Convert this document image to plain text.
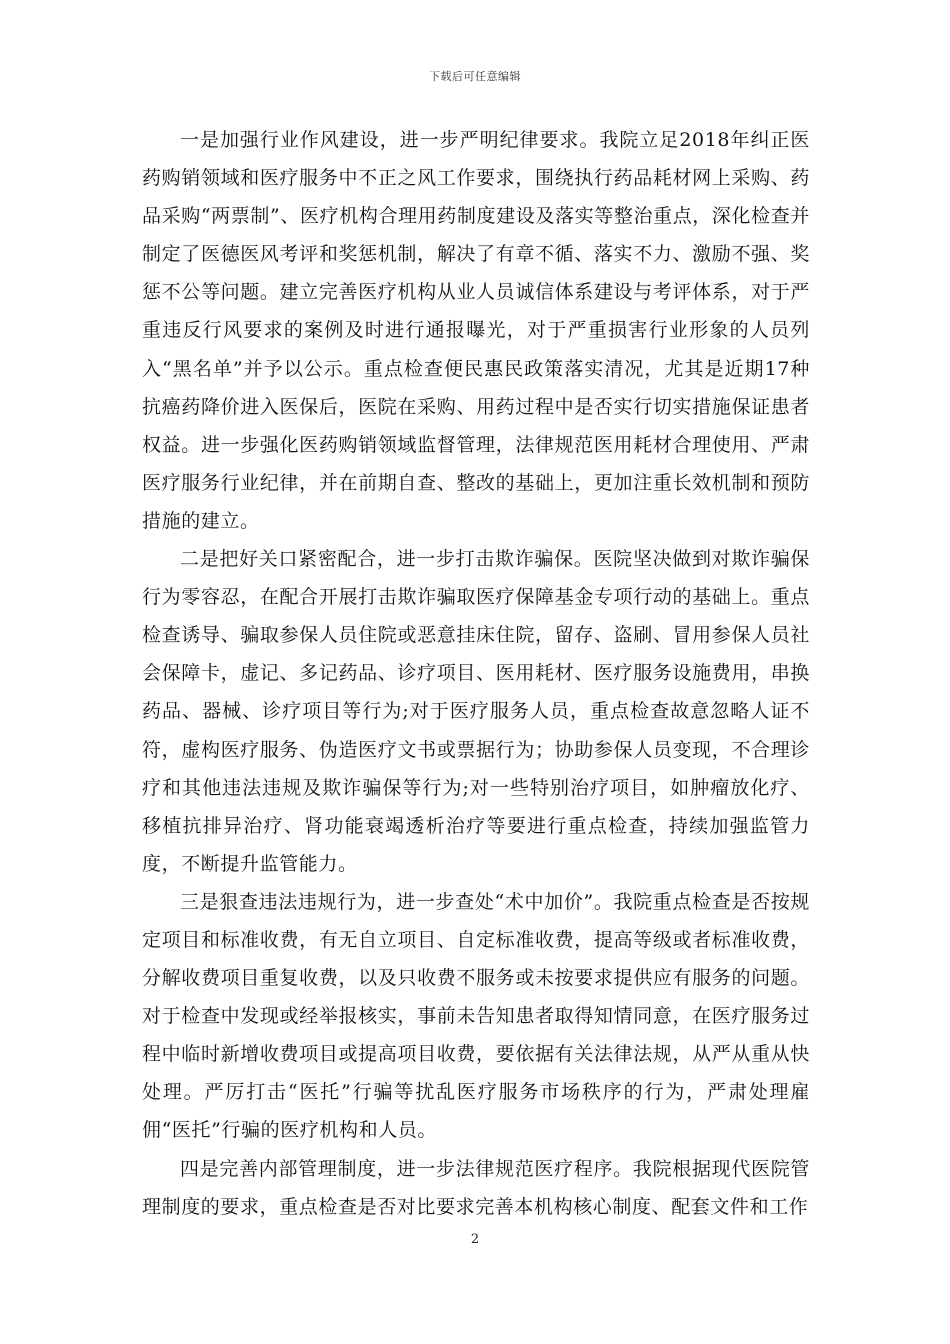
下载后可任意编辑

一是加强行业作风建设，进一步严明纪律要求。我院立足2018年纠正医药购销领域和医疗服务中不正之风工作要求，围绕执行药品耗材网上采购、药品采购“两票制”、医疗机构合理用药制度建设及落实等整治重点，深化检查并制定了医德医风考评和奖惩机制，解决了有章不循、落实不力、激励不强、奖惩不公等问题。建立完善医疗机构从业人员诚信体系建设与考评体系，对于严重违反行风要求的案例及时进行通报曝光，对于严重损害行业形象的人员列入“黑名单”并予以公示。重点检查便民惠民政策落实清况，尤其是近期17种抗癌药降价进入医保后，医院在采购、用药过程中是否实行切实措施保证患者权益。进一步强化医药购销领域监督管理，法律规范医用耗材合理使用、严肃医疗服务行业纪律，并在前期自查、整改的基础上，更加注重长效机制和预防措施的建立。

二是把好关口紧密配合，进一步打击欺诈骗保。医院坚决做到对欺诈骗保行为零容忍，在配合开展打击欺诈骗取医疗保障基金专项行动的基础上。重点检查诱导、骗取参保人员住院或恶意挂床住院，留存、盗刷、冒用参保人员社会保障卡，虚记、多记药品、诊疗项目、医用耗材、医疗服务设施费用，串换药品、器械、诊疗项目等行为;对于医疗服务人员，重点检查故意忽略人证不符，虚构医疗服务、伪造医疗文书或票据行为；协助参保人员变现，不合理诊疗和其他违法违规及欺诈骗保等行为;对一些特别治疗项目，如肿瘤放化疗、移植抗排异治疗、肾功能衰竭透析治疗等要进行重点检查，持续加强监管力度，不断提升监管能力。

三是狠查违法违规行为，进一步查处“术中加价”。我院重点检查是否按规定项目和标准收费，有无自立项目、自定标准收费，提高等级或者标准收费，分解收费项目重复收费，以及只收费不服务或未按要求提供应有服务的问题。对于检查中发现或经举报核实，事前未告知患者取得知情同意，在医疗服务过程中临时新增收费项目或提高项目收费，要依据有关法律法规，从严从重从快处理。严厉打击“医托”行骗等扰乱医疗服务市场秩序的行为，严肃处理雇佣“医托”行骗的医疗机构和人员。

四是完善内部管理制度，进一步法律规范医疗程序。我院根据现代医院管理制度的要求，重点检查是否对比要求完善本机构核心制度、配套文件和工作

2
